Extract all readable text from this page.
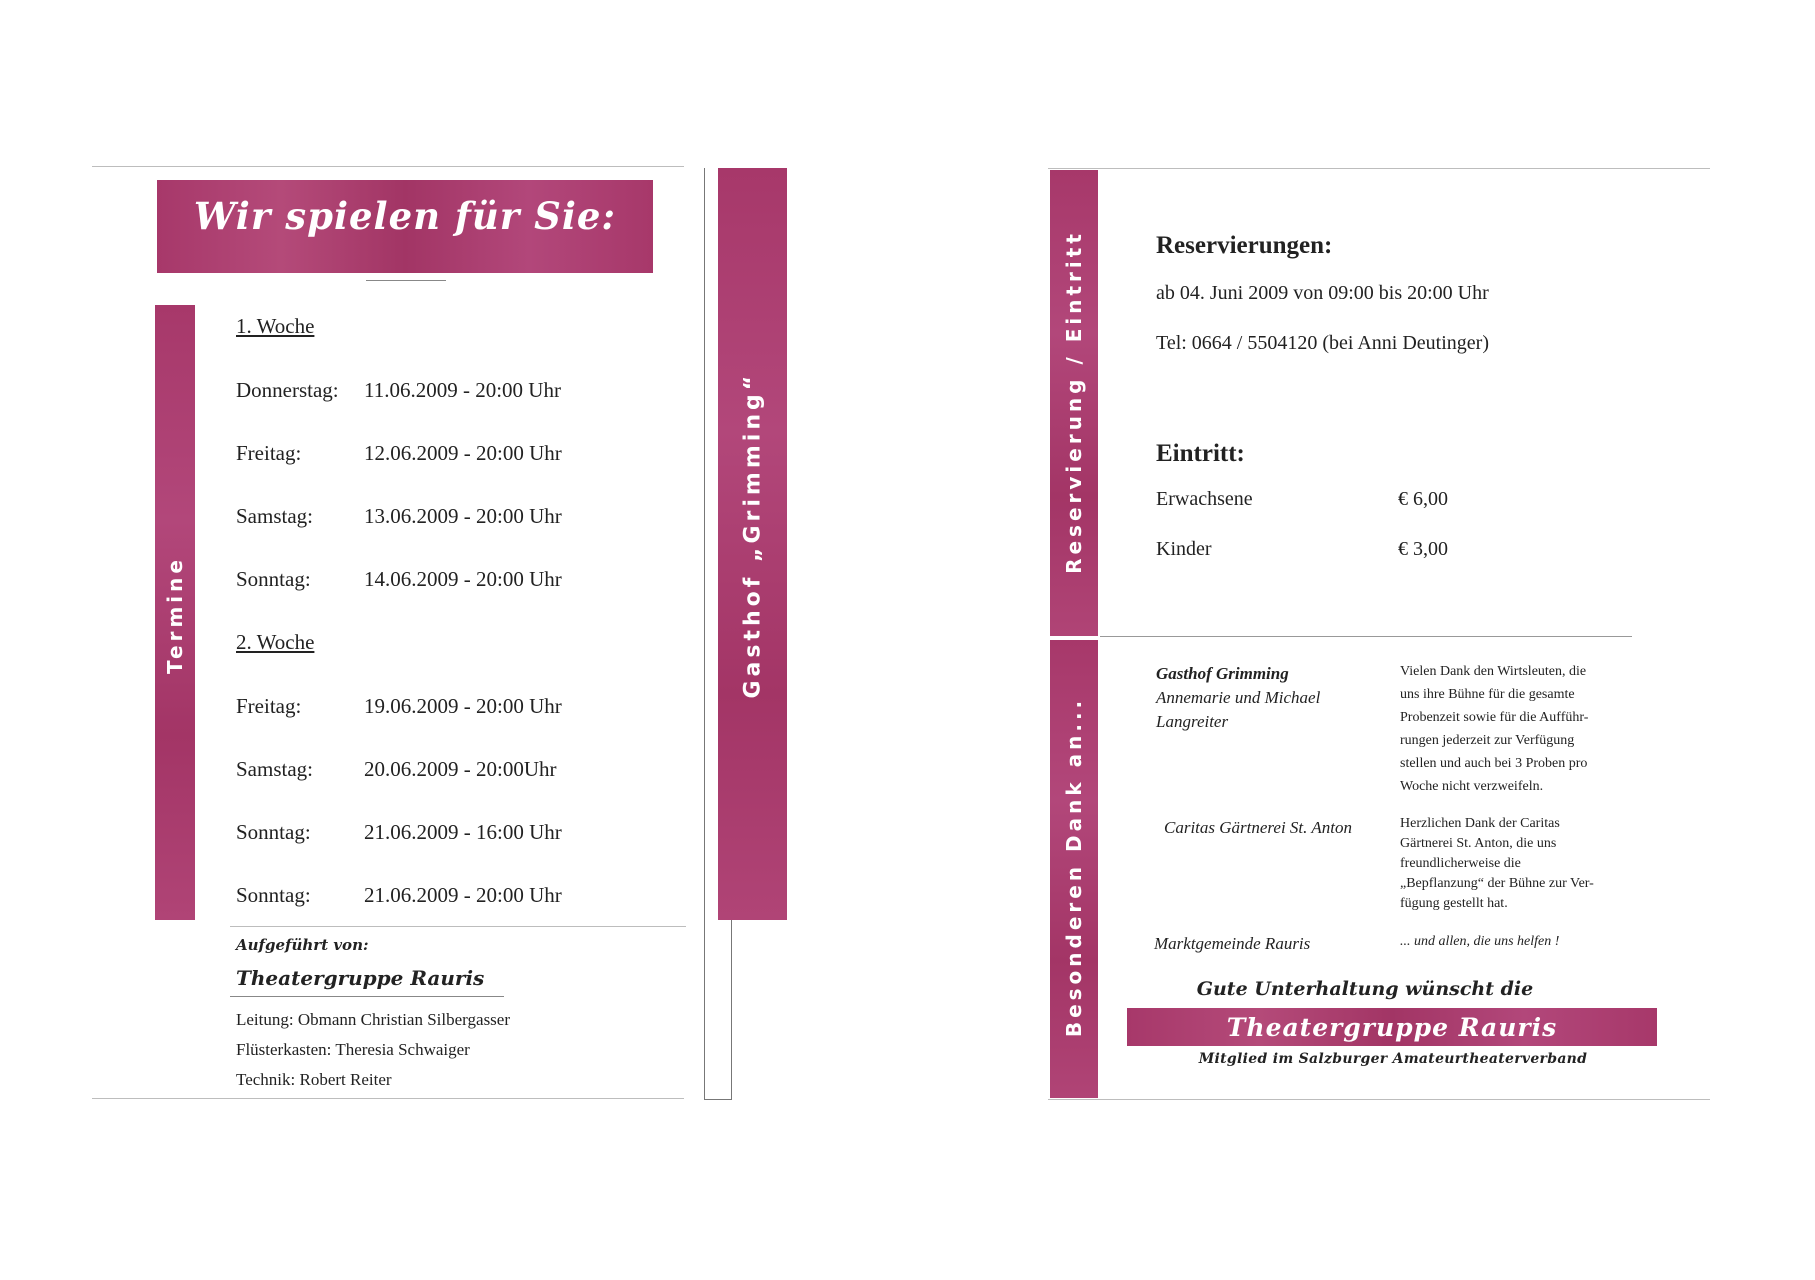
Wir spielen für Sie:
Termine
1. Woche
Donnerstag: 11.06.2009 - 20:00 Uhr
Freitag:	12.06.2009 - 20:00 Uhr
Samstag: 13.06.2009 - 20:00 Uhr
Sonntag:	14.06.2009 - 20:00 Uhr
2. Woche
Freitag:	19.06.2009 - 20:00 Uhr
Samstag: 20.06.2009 - 20:00Uhr
Sonntag:	21.06.2009 - 16:00 Uhr
Sonntag:	21.06.2009 - 20:00 Uhr
Aufgeführt von:
Theatergruppe Rauris
Leitung: Obmann Christian Silbergasser
Flüsterkasten: Theresia Schwaiger
Technik: Robert Reiter
Gasthof „Grimming“	Reservierung / Eintritt
Besonderen Dank an...
Reservierungen:
ab 04. Juni 2009 von 09:00 bis 20:00 Uhr
Tel: 0664 / 5504120 (bei Anni Deutinger)
Eintritt:
Erwachsene	€ 6,00
Kinder	€ 3,00
Gasthof Grimming
Annemarie und Michael
Langreiter
Vielen Dank den Wirtsleuten, die
uns ihre Bühne für die gesamte
Probenzeit sowie für die Aufführ-
rungen jederzeit zur Verfügung
stellen und auch bei 3 Proben pro
Woche nicht verzweifeln.
Caritas Gärtnerei St. Anton	Herzlichen Dank der Caritas
Gärtnerei St. Anton, die uns
freundlicherweise die
„Bepflanzung“ der Bühne zur Ver-
fügung gestellt hat.
Marktgemeinde Rauris	... und allen, die uns helfen !
Gute Unterhaltung wünscht die
Theatergruppe Rauris
Mitglied im Salzburger Amateurtheaterverband
